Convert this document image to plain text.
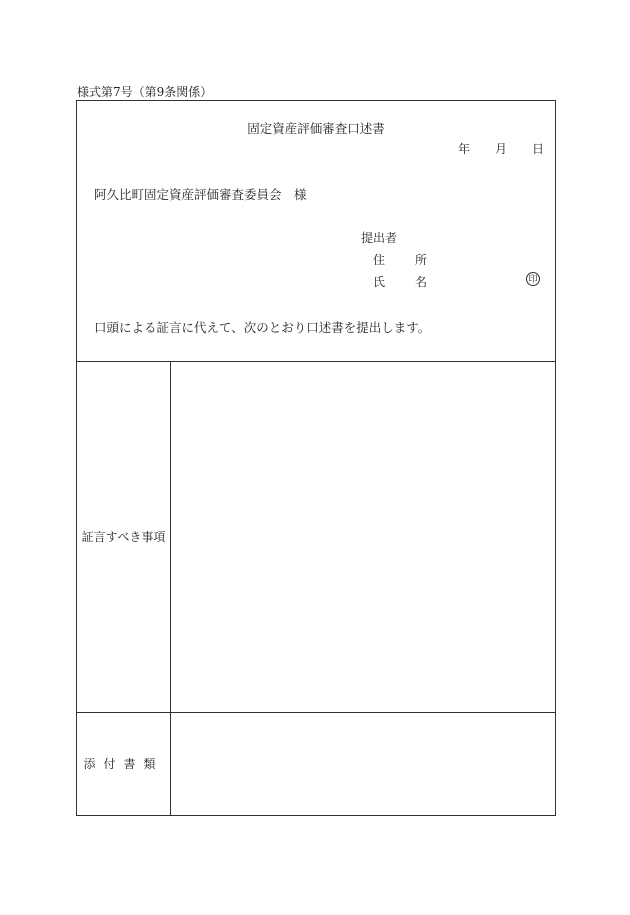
様式第7号（第9条関係）
固定資産評価審査口述書
年 月 日
阿久比町固定資産評価審査委員会　様
提出者
住　所
氏　名	印
口頭による証言に代えて、次のとおり口述書を提出します。
証言すべき事項
添付書類
